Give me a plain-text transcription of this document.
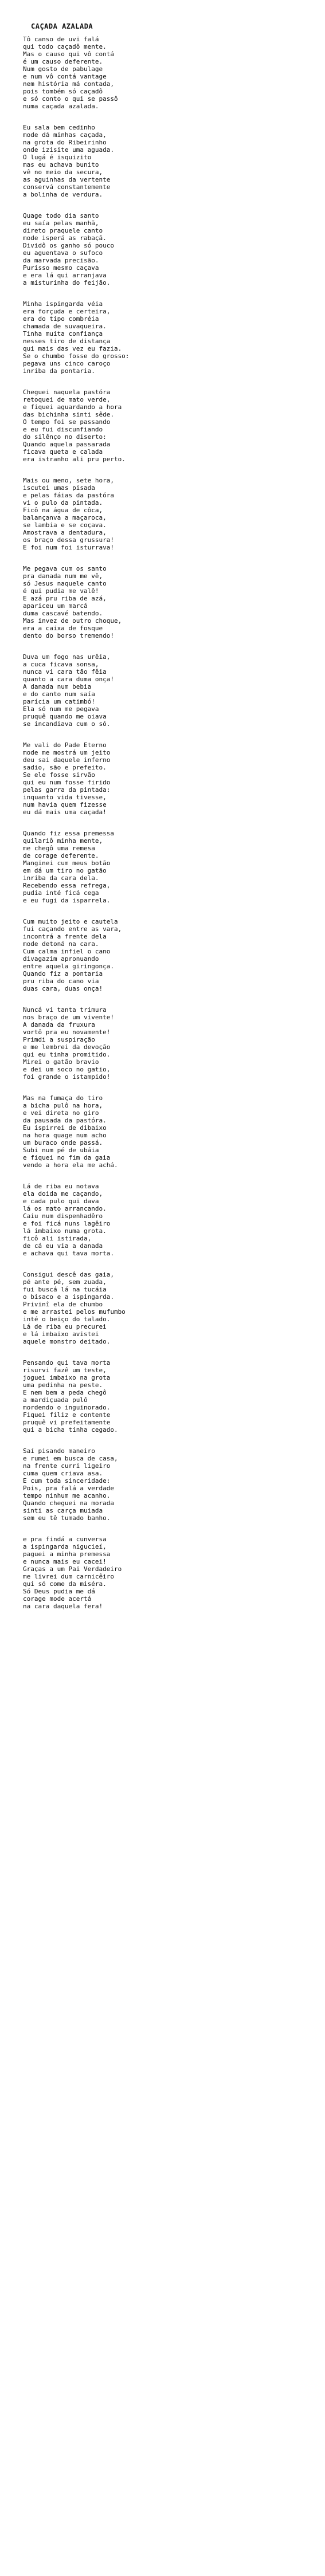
CAÇADA AZALADA
Tô canso de uvi falá
qui todo caçadô mente.
Mas o causo qui vô contá
é um causo deferente.
Num gosto de pabulage
e num vô contá vantage
nem história má contada,
pois tombém só caçadô
e só conto o qui se passô
numa caçada azalada.
Eu sala bem cedinho
mode dá minhas caçada,
na grota do Ribeirinho
onde izisite uma aguada.
O lugá é isquizito
mas eu achava bunito
vê no meio da secura,
as aguinhas da vertente
conservá constantemente
a bolinha de verdura.
Quage todo dia santo
eu saía pelas manhã,
direto praquele canto
mode isperá as rabaçã.
Dividô os ganho só pouco
eu aguentava o sufoco
da marvada precisão.
Purisso mesmo caçava
e era lá qui arranjava
a misturinha do feijão.
Minha ispingarda véia
era forçuda e certeira,
era do tipo combréia
chamada de suvaqueira.
Tinha muita confiança
nesses tiro de distança
qui mais das vez eu fazia.
Se o chumbo fosse do grosso:
pegava uns cinco caroço
inriba da pontaria.
Cheguei naquela pastóra
retoquei de mato verde,
e fiquei aguardando a hora
das bichinha sinti sêde.
O tempo foi se passando
e eu fui discunfiando
do silênço no diserto:
Quando aquela passarada
ficava queta e calada
era istranho ali pru perto.
Mais ou meno, sete hora,
iscutei umas pisada
e pelas fáias da pastóra
vi o pulo da pintada.
Ficô na água de côca,
balançanva a maçaroca,
se lambia e se coçava.
Amostrava a dentadura,
os braço dessa grussura!
E foi num foi isturrava!
Me pegava cum os santo
pra danada num me vê,
só Jesus naquele canto
é qui pudia me valê!
E azá pru riba de azá,
apariceu um marcá
duma cascavé batendo.
Mas invez de outro choque,
era a caixa de fosque
dento do borso tremendo!
Duva um fogo nas urêia,
a cuca ficava sonsa,
nunca vi cara tão fêia
quanto a cara duma onça!
A danada num bebia
e do canto num saía
parícia um catimbó!
Ela só num me pegava
pruquê quando me oiava
se incandiava cum o só.
Me vali do Pade Eterno
mode me mostrá um jeito
deu sai daquele inferno
sadio, são e prefeito.
Se ele fosse sirvão
qui eu num fosse firido
pelas garra da pintada:
inquanto vida tivesse,
num havia quem fizesse
eu dá mais uma caçada!
Quando fiz essa premessa
quilariô minha mente,
me chegô uma remesa
de corage deferente.
Manginei cum meus botão
em dá um tiro no gatão
inriba da cara dela.
Recebendo essa refrega,
pudia inté ficá cega
e eu fugi da isparrela.
Cum muito jeito e cautela
fui caçando entre as vara,
incontrá a frente dela
mode detoná na cara.
Cum calma infiel o cano
divagazim apronuando
entre aquela giringonça.
Quando fiz a pontaria
pru riba do cano via
duas cara, duas onça!
Nuncá vi tanta trimura
nos braço de um vivente!
A danada da fruxura
vortô pra eu novamente!
Primdi a suspiração
e me lembrei da devoção
qui eu tinha promitido.
Mirei o gatão bravio
e dei um soco no gatio,
foi grande o istampido!
Mas na fumaça do tiro
a bicha pulô na hora,
e vei direta no giro
da pausada da pastóra.
Eu ispirrei de dibaixo
na hora quage num acho
um buraco onde passá.
Subi num pé de ubáia
e fiquei no fim da gaia
vendo a hora ela me achá.
Lá de riba eu notava
ela doida me caçando,
e cada pulo qui dava
lá os mato arrancando.
Caiu num dispenhadêro
e foi ficá nuns lagêiro
lá imbaixo numa grota.
ficô ali istirada,
de cá eu via a danada
e achava qui tava morta.
Consigui descê das gaia,
pé ante pé, sem zuada,
fui buscá lá na tucáia
o bisaco e a ispingarda.
Privinî ela de chumbo
e me arrastei pelos mufumbo
inté o beiço do talado.
Lá de riba eu precurei
e lá imbaixo avistei
aquele monstro deitado.
Pensando qui tava morta
risurvi fazê um teste,
joguei imbaixo na grota
uma pedinha na peste.
E nem bem a peda chegô
a mardiçuada pulô
mordendo o inguinorado.
Fiquei filiz e contente
pruquê vi prefeitamente
qui a bicha tinha cegado.
Saí pisando maneiro
e rumei em busca de casa,
na frente curri ligeiro
cuma quem criava asa.
E cum toda sinceridade:
Pois, pra falá a verdade
tempo ninhum me acanho.
Quando cheguei na morada
sinti as carça muiada
sem eu tê tumado banho.
e pra findá a cunversa
a ispingarda nigucieí,
paguei a minha premessa
e nunca mais eu cacei!
Graças a um Pai Verdadeiro
me livrei dum carnicêiro
qui só come da miséra.
Só Deus pudia me dá
corage mode acertá
na cara daquela fera!
